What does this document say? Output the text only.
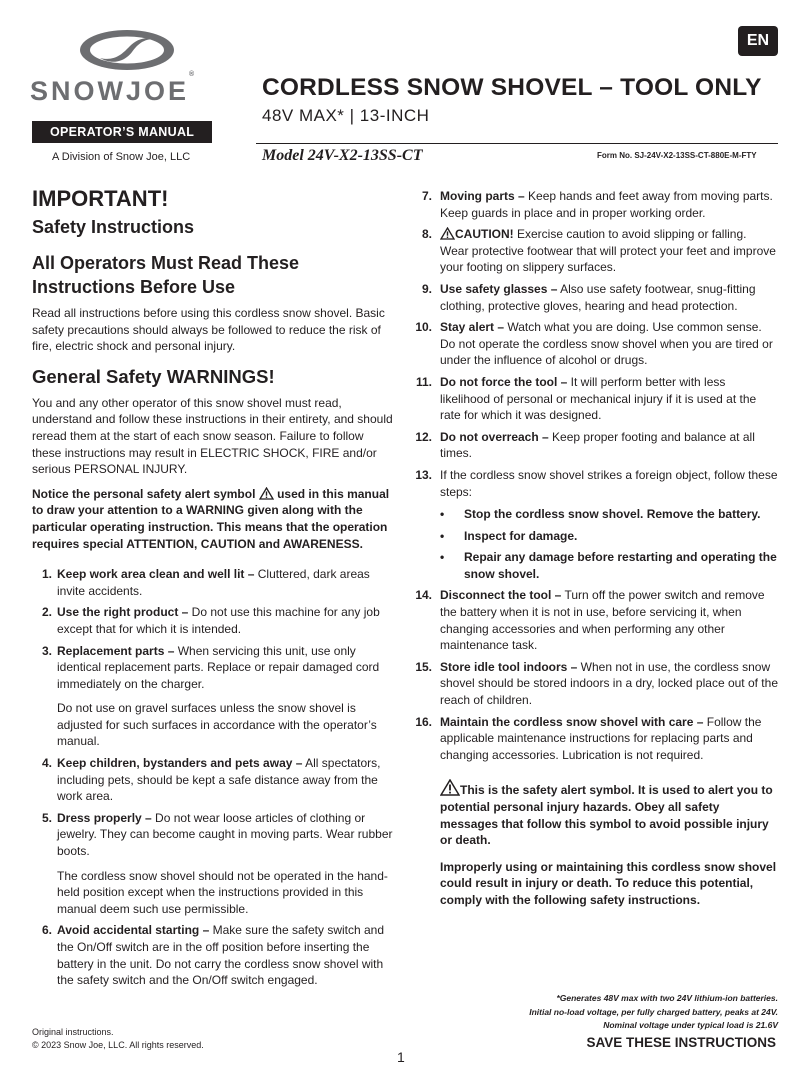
SNOWJOE®
OPERATOR’S MANUAL
A Division of Snow Joe, LLC
EN
CORDLESS SNOW SHOVEL – TOOL ONLY
48V MAX* | 13-INCH
Model 24V-X2-13SS-CT	Form No. SJ-24V-X2-13SS-CT-880E-M-FTY
IMPORTANT!
Safety Instructions
All Operators Must Read These
Instructions Before Use

Read all instructions before using this cordless snow shovel. Basic safety precautions should always be followed to reduce the risk of fire, electric shock and personal injury.

General Safety WARNINGS!

You and any other operator of this snow shovel must read, understand and follow these instructions in their entirety, and should reread them at the start of each snow season. Failure to follow these instructions may result in ELECTRIC SHOCK, FIRE and/or serious PERSONAL INJURY.

Notice the personal safety alert symbol  used in this manual to draw your attention to a WARNING given along with the particular operating instruction. This means that the operation requires special ATTENTION, CAUTION and AWARENESS.

1. Keep work area clean and well lit – Cluttered, dark areas invite accidents.
2. Use the right product – Do not use this machine for any job except that for which it is intended.
3. Replacement parts – When servicing this unit, use only identical replacement parts. Replace or repair damaged cord immediately on the charger.

Do not use on gravel surfaces unless the snow shovel is adjusted for such surfaces in accordance with the operator’s manual.

4. Keep children, bystanders and pets away – All spectators, including pets, should be kept a safe distance away from the work area.
5. Dress properly – Do not wear loose articles of clothing or jewelry. They can become caught in moving parts. Wear rubber boots.

The cordless snow shovel should not be operated in the hand-held position except when the instructions provided in this manual deem such use permissible.

6. Avoid accidental starting – Make sure the safety switch and the On/Off switch are in the off position before inserting the battery in the unit. Do not carry the cordless snow shovel with the safety switch and the On/Off switch engaged.
7. Moving parts – Keep hands and feet away from moving parts. Keep guards in place and in proper working order.
8. CAUTION! Exercise caution to avoid slipping or falling. Wear protective footwear that will protect your feet and improve your footing on slippery surfaces.
9. Use safety glasses – Also use safety footwear, snug-fitting clothing, protective gloves, hearing and head protection.
10. Stay alert – Watch what you are doing. Use common sense. Do not operate the cordless snow shovel when you are tired or under the influence of alcohol or drugs.
11. Do not force the tool – It will perform better with less likelihood of personal or mechanical injury if it is used at the rate for which it was designed.
12. Do not overreach – Keep proper footing and balance at all times.
13. If the cordless snow shovel strikes a foreign object, follow these steps:
• Stop the cordless snow shovel. Remove the battery.
• Inspect for damage.
• Repair any damage before restarting and operating the snow shovel.
14. Disconnect the tool – Turn off the power switch and remove the battery when it is not in use, before servicing it, when changing accessories and when performing any other maintenance task.
15. Store idle tool indoors – When not in use, the cordless snow shovel should be stored indoors in a dry, locked place out of the reach of children.
16. Maintain the cordless snow shovel with care – Follow the applicable maintenance instructions for replacing parts and changing accessories. Lubrication is not required.

This is the safety alert symbol. It is used to alert you to potential personal injury hazards. Obey all safety messages that follow this symbol to avoid possible injury or death.

Improperly using or maintaining this cordless snow shovel could result in injury or death. To reduce this potential, comply with the following safety instructions.

*Generates 48V max with two 24V lithium-ion batteries.
Initial no-load voltage, per fully charged battery, peaks at 24V.
Nominal voltage under typical load is 21.6V
SAVE THESE INSTRUCTIONS
Original instructions.
© 2023 Snow Joe, LLC. All rights reserved.
1
